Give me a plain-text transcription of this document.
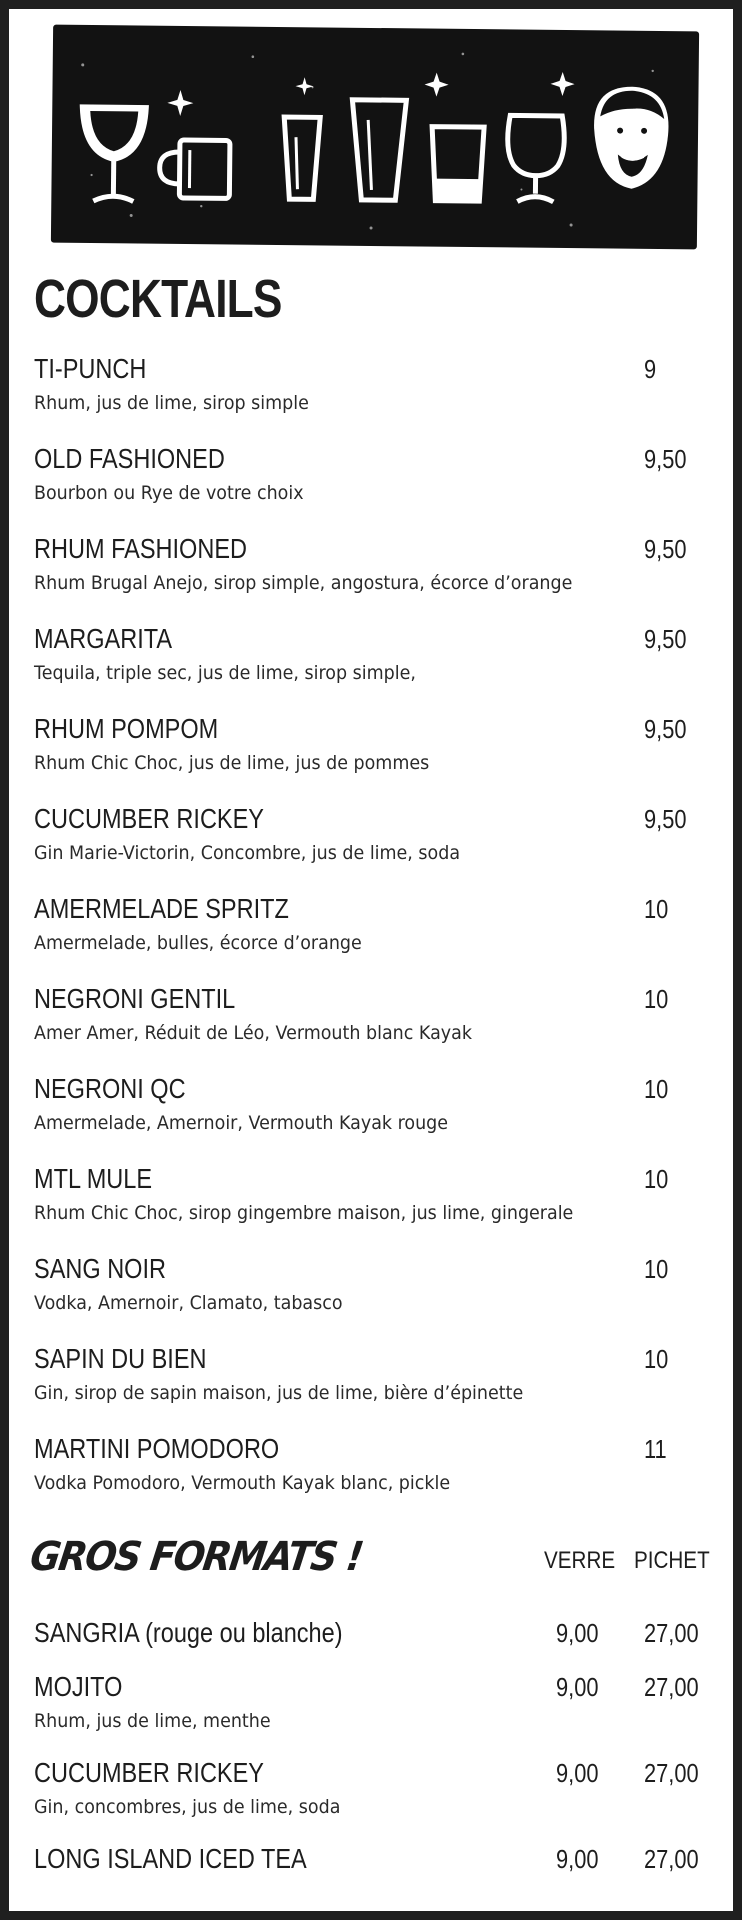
COCKTAILS
TI-PUNCH	9
Rhum, jus de lime, sirop simple
OLD FASHIONED	9,50
Bourbon ou Rye de votre choix
RHUM FASHIONED	9,50
Rhum Brugal Anejo, sirop simple, angostura, écorce d’orange
MARGARITA	9,50
Tequila, triple sec, jus de lime, sirop simple,
RHUM POMPOM	9,50
Rhum Chic Choc, jus de lime, jus de pommes
CUCUMBER RICKEY	9,50
Gin Marie-Victorin, Concombre, jus de lime, soda
AMERMELADE SPRITZ	10
Amermelade, bulles, écorce d’orange
NEGRONI GENTIL	10
Amer Amer, Réduit de Léo, Vermouth blanc Kayak
NEGRONI QC	10
Amermelade, Amernoir, Vermouth Kayak rouge
MTL MULE	10
Rhum Chic Choc, sirop gingembre maison, jus lime, gingerale
SANG NOIR	10
Vodka, Amernoir, Clamato, tabasco
SAPIN DU BIEN	10
Gin, sirop de sapin maison, jus de lime, bière d’épinette
MARTINI POMODORO	11
Vodka Pomodoro, Vermouth Kayak blanc, pickle
GROS FORMATS !	VERRE PICHET
SANGRIA (rouge ou blanche)	9,00 27,00
MOJITO	9,00 27,00
Rhum, jus de lime, menthe
CUCUMBER RICKEY	9,00 27,00
Gin, concombres, jus de lime, soda
LONG ISLAND ICED TEA	9,00 27,00
